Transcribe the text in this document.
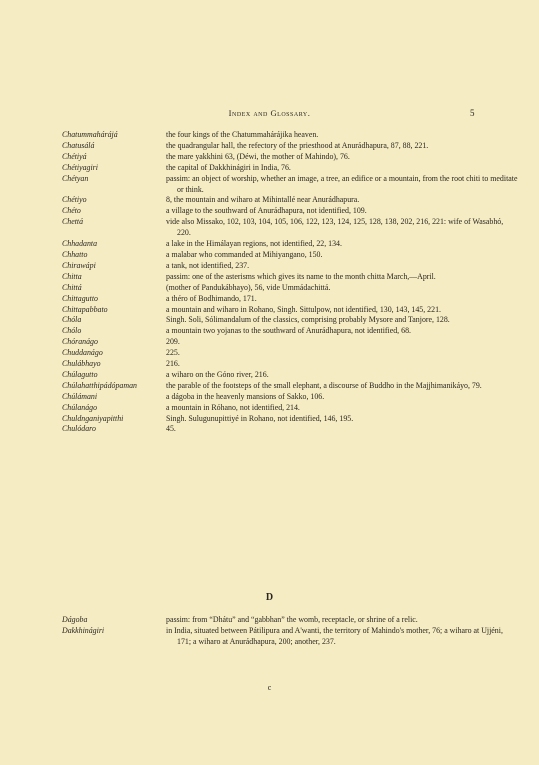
Index and Glossary.	5
Chatummahárájá	the four kings of the Chatummahárájika heaven.
Chatusálá	the quadrangular hall, the refectory of the priesthood at Anurádhapura, 87, 88, 221.
Chétiyá	the mare yakkhini 63, (Déwi, the mother of Mahindo), 76.
Chétiyagiri	the capital of Dakkhinágiri in India, 76.
Chétyan	passim: an object of worship, whether an image, a tree, an edifice or a mountain, from the root chiti to meditate or think.
Chétiyo	8, the mountain and wiharo at Mihintallé near Anurádhapura.
Chéto	a village to the southward of Anurádhapura, not identified, 109.
Chettá	vide also Missako, 102, 103, 104, 105, 106, 122, 123, 124, 125, 128, 138, 202, 216, 221: wife of Wasabhó, 220.
Chhadanta	a lake in the Himálayan regions, not identified, 22, 134.
Chhatto	a malabar who commanded at Mihiyangano, 150.
Chirawápi	a tank, not identified, 237.
Chitta	passim: one of the asterisms which gives its name to the month chitta March,—April.
Chittá	(mother of Pandukábhayo), 56, vide Ummádachittá.
Chittagutto	a théro of Bodhimando, 171.
Chittapabbato	a mountain and wiharo in Rohano, Singh. Sittulpow, not identified, 130, 143, 145, 221.
Chóla	Singh. Soli, Sólimandalum of the classics, comprising probably Mysore and Tanjore, 128.
Chólo	a mountain two yojanas to the southward of Anurádhapura, not identified, 68.
Chóranágo	209.
Chuddanágo	225.
Chulábhayo	216.
Chúlagutto	a wiharo on the Góno river, 216.
Chúlahatthipádópaman	the parable of the footsteps of the small elephant, a discourse of Buddho in the Majjhimanikáyo, 79.
Chúlámani	a dágoba in the heavenly mansions of Sakko, 106.
Chúlanágo	a mountain in Róhano, not identified, 214.
Chuldnganiyapitthi	Singh. Sulugunupittiyé in Rohano, not identified, 146, 195.
Chulódaro	45.
D
Dágoba	passim: from “Dhátu” and “gabbhan” the womb, receptacle, or shrine of a relic.
Dakkhinágiri	in India, situated between Pátilipura and A'wanti, the territory of Mahindo's mother, 76; a wiharo at Ujjéni, 171; a wiharo at Anurádhapura, 200; another, 237.
c
